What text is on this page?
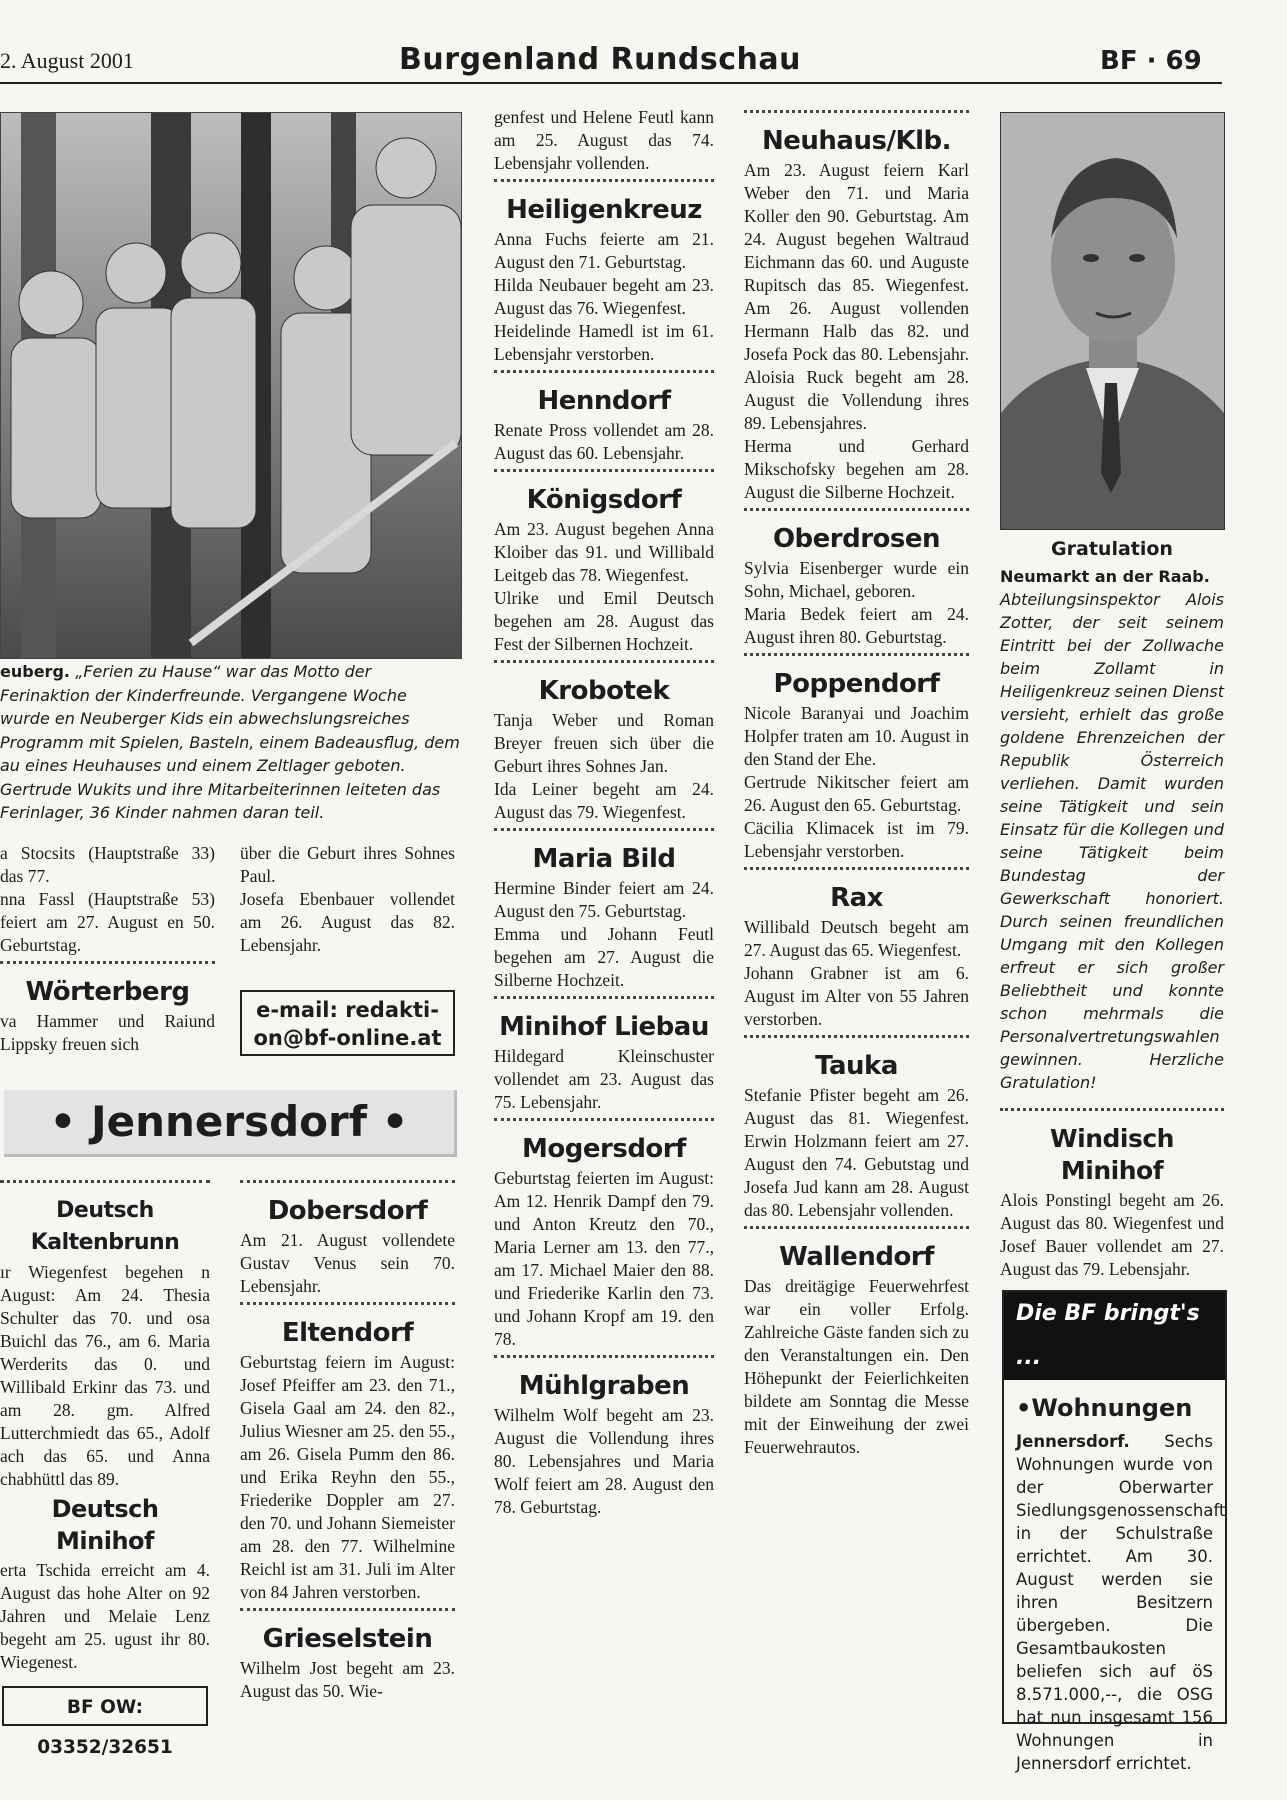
2. August 2001	Burgenland Rundschau	BF · 69
euberg. „Ferien zu Hause“ war das Motto der Ferinaktion der Kinderfreunde. Vergangene Woche wurde en Neuberger Kids ein abwechslungsreiches Programm mit Spielen, Basteln, einem Badeausflug, dem au eines Heuhauses und einem Zeltlager geboten. Gertrude Wukits und ihre Mitarbeiterinnen leiteten das Ferinlager, 36 Kinder nahmen daran teil.

a Stocsits (Hauptstraße 33) das 77.

nna Fassl (Hauptstraße 53) feiert am 27. August en 50. Geburtstag.

Wörterberg

va Hammer und Raiund Lippsky freuen sich

über die Geburt ihres Sohnes Paul.

Josefa Ebenbauer vollendet am 26. August das 82. Lebensjahr.

e-mail: redakti-
on@bf-online.at
• Jennersdorf •
Deutsch Kaltenbrunn

ır Wiegenfest begehen n August: Am 24. Thesia Schulter das 70. und osa Buichl das 76., am 6. Maria Werderits das 0. und Willibald Erkinr das 73. und am 28. gm. Alfred Lutterchmiedt das 65., Adolf ach das 65. und Anna chabhüttl das 89.

Deutsch Minihof

erta Tschida erreicht am 4. August das hohe Alter on 92 Jahren und Melaie Lenz begeht am 25. ugust ihr 80. Wiegenest.

BF OW: 03352/32651
Dobersdorf

Am 21. August vollendete Gustav Venus sein 70. Lebensjahr.

Eltendorf

Geburtstag feiern im August: Josef Pfeiffer am 23. den 71., Gisela Gaal am 24. den 82., Julius Wiesner am 25. den 55., am 26. Gisela Pumm den 86. und Erika Reyhn den 55., Friederike Doppler am 27. den 70. und Johann Siemeister am 28. den 77. Wilhelmine Reichl ist am 31. Juli im Alter von 84 Jahren verstorben.

Grieselstein

Wilhelm Jost begeht am 23. August das 50. Wie-

genfest und Helene Feutl kann am 25. August das 74. Lebensjahr vollenden.

Heiligenkreuz

Anna Fuchs feierte am 21. August den 71. Geburtstag.

Hilda Neubauer begeht am 23. August das 76. Wiegenfest.

Heidelinde Hamedl ist im 61. Lebensjahr verstorben.

Henndorf

Renate Pross vollendet am 28. August das 60. Lebensjahr.

Königsdorf

Am 23. August begehen Anna Kloiber das 91. und Willibald Leitgeb das 78. Wiegenfest.

Ulrike und Emil Deutsch begehen am 28. August das Fest der Silbernen Hochzeit.

Krobotek

Tanja Weber und Roman Breyer freuen sich über die Geburt ihres Sohnes Jan.

Ida Leiner begeht am 24. August das 79. Wiegenfest.

Maria Bild

Hermine Binder feiert am 24. August den 75. Geburtstag.

Emma und Johann Feutl begehen am 27. August die Silberne Hochzeit.

Minihof Liebau

Hildegard Kleinschuster vollendet am 23. August das 75. Lebensjahr.

Mogersdorf

Geburtstag feierten im August: Am 12. Henrik Dampf den 79. und Anton Kreutz den 70., Maria Lerner am 13. den 77., am 17. Michael Maier den 88. und Friederike Karlin den 73. und Johann Kropf am 19. den 78.

Mühlgraben

Wilhelm Wolf begeht am 23. August die Vollendung ihres 80. Lebensjahres und Maria Wolf feiert am 28. August den 78. Geburtstag.

Neuhaus/Klb.

Am 23. August feiern Karl Weber den 71. und Maria Koller den 90. Geburtstag. Am 24. August begehen Waltraud Eichmann das 60. und Auguste Rupitsch das 85. Wiegenfest. Am 26. August vollenden Hermann Halb das 82. und Josefa Pock das 80. Lebensjahr. Aloisia Ruck begeht am 28. August die Vollendung ihres 89. Lebensjahres.

Herma und Gerhard Mikschofsky begehen am 28. August die Silberne Hochzeit.

Oberdrosen

Sylvia Eisenberger wurde ein Sohn, Michael, geboren.

Maria Bedek feiert am 24. August ihren 80. Geburtstag.

Poppendorf

Nicole Baranyai und Joachim Holpfer traten am 10. August in den Stand der Ehe.

Gertrude Nikitscher feiert am 26. August den 65. Geburtstag.

Cäcilia Klimacek ist im 79. Lebensjahr verstorben.

Rax

Willibald Deutsch begeht am 27. August das 65. Wiegenfest.

Johann Grabner ist am 6. August im Alter von 55 Jahren verstorben.

Tauka

Stefanie Pfister begeht am 26. August das 81. Wiegenfest. Erwin Holzmann feiert am 27. August den 74. Gebutstag und Josefa Jud kann am 28. August das 80. Lebensjahr vollenden.

Wallendorf

Das dreitägige Feuerwehrfest war ein voller Erfolg. Zahlreiche Gäste fanden sich zu den Veranstaltungen ein. Den Höhepunkt der Feierlichkeiten bildete am Sonntag die Messe mit der Einweihung der zwei Feuerwehrautos.

Gratulation
Neumarkt an der Raab.
Abteilungsinspektor Alois Zotter, der seit seinem Eintritt bei der Zollwache beim Zollamt in Heiligenkreuz seinen Dienst versieht, erhielt das große goldene Ehrenzeichen der Republik Österreich verliehen. Damit wurden seine Tätigkeit und sein Einsatz für die Kollegen und seine Tätigkeit beim Bundestag der Gewerkschaft honoriert. Durch seinen freundlichen Umgang mit den Kollegen erfreut er sich großer Beliebtheit und konnte schon mehrmals die Personalvertretungswahlen gewinnen. Herzliche Gratulation!
Windisch Minihof
Alois Ponstingl begeht am 26. August das 80. Wiegenfest und Josef Bauer vollendet am 27. August das 79. Lebensjahr.
Die BF bringt's ...
•Wohnungen
Jennersdorf. Sechs Wohnungen wurde von der Oberwarter Siedlungsgenossenschaft in der Schulstraße errichtet. Am 30. August werden sie ihren Besitzern übergeben. Die Gesamtbaukosten beliefen sich auf öS 8.571.000,--, die OSG hat nun insgesamt 156 Wohnungen in Jennersdorf errichtet.
